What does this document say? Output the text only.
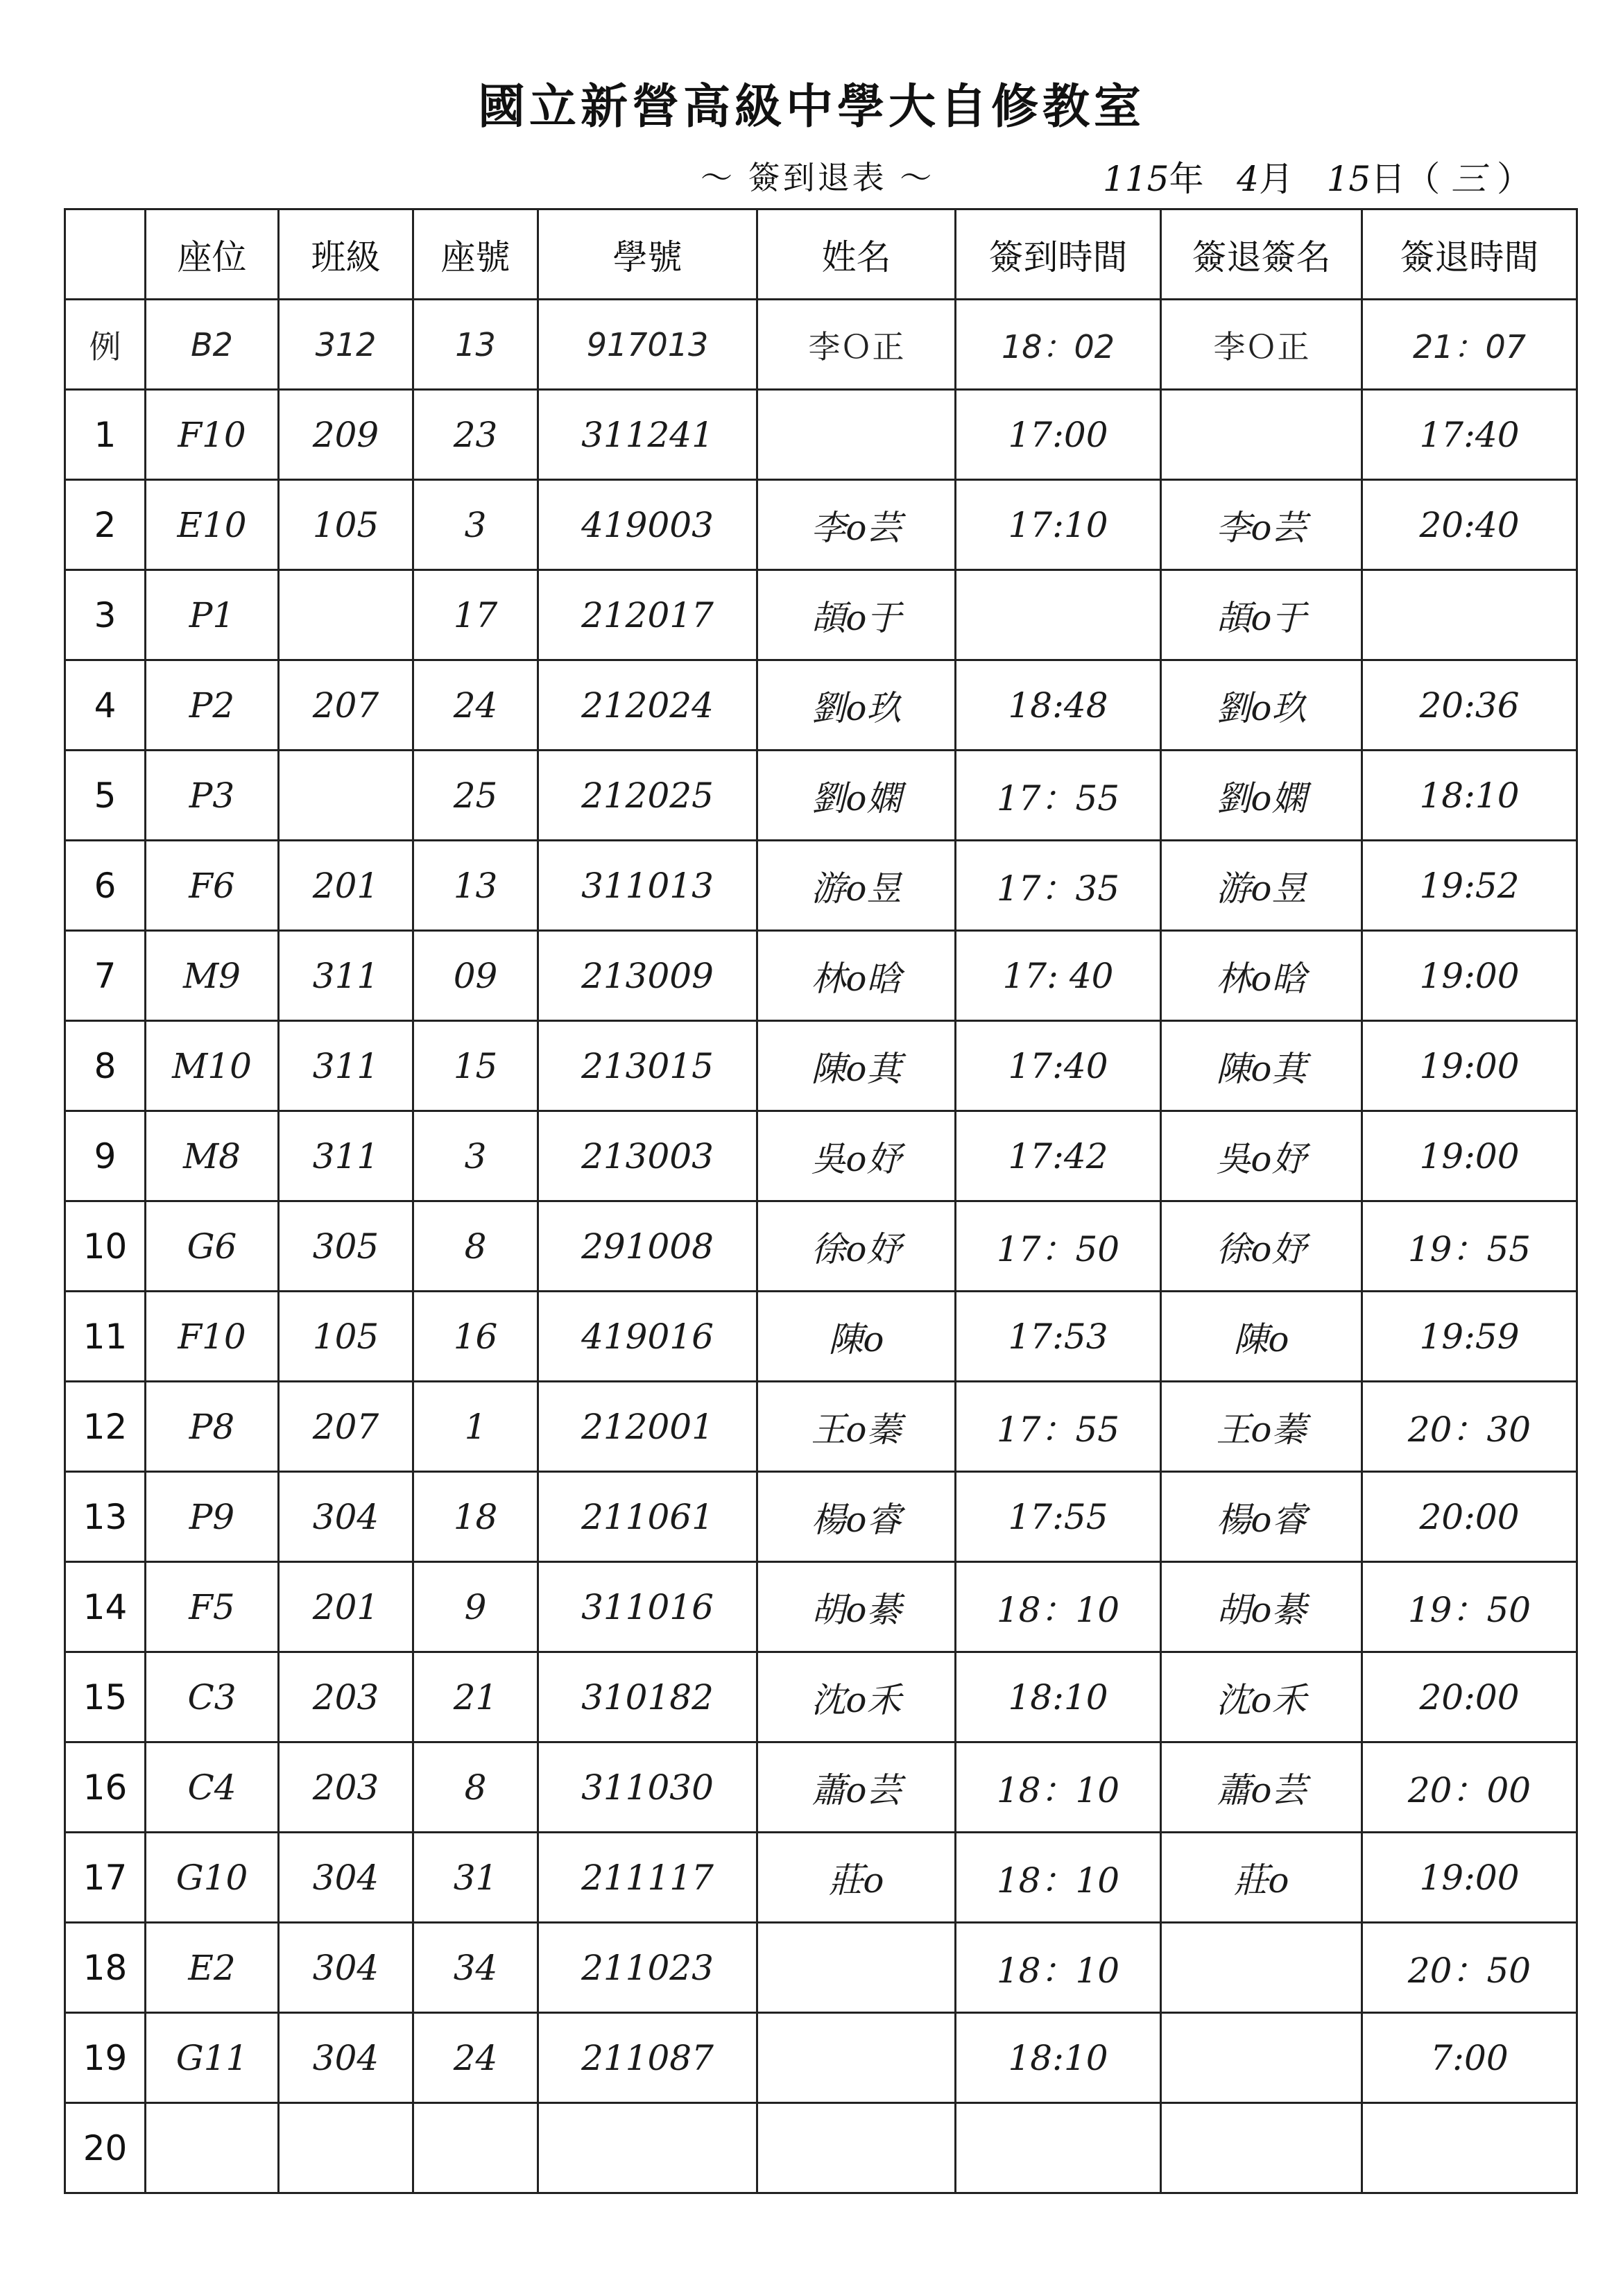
國立新營高級中學大自修教室
～ 簽到退表 ～	115年 4月 15日（ 三 ）
	座位	班級	座號	學號	姓名	簽到時間	簽退簽名	簽退時間
例	B2	312	13	917013	李Ｏ正	18：02	李Ｏ正	21：07
1	F10	209	23	311241		17:00		17:40
2	E10	105	3	419003	李o芸	17:10	李o芸	20:40
3	P1		17	212017	頡o于		頡o于	
4	P2	207	24	212024	劉o玖	18:48	劉o玖	20:36
5	P3		25	212025	劉o嫻	17：55	劉o嫻	18:10
6	F6	201	13	311013	游o昱	17：35	游o昱	19:52
7	M9	311	09	213009	林o晗	17: 40	林o晗	19:00
8	M10	311	15	213015	陳o萁	17:40	陳o萁	19:00
9	M8	311	3	213003	吳o妤	17:42	吳o妤	19:00
10	G6	305	8	291008	徐o妤	17：50	徐o妤	19：55
11	F10	105	16	419016	陳o	17:53	陳o	19:59
12	P8	207	1	212001	王o蓁	17：55	王o蓁	20：30
13	P9	304	18	211061	楊o睿	17:55	楊o睿	20:00
14	F5	201	9	311016	胡o綦	18：10	胡o綦	19：50
15	C3	203	21	310182	沈o禾	18:10	沈o禾	20:00
16	C4	203	8	311030	蕭o芸	18：10	蕭o芸	20：00
17	G10	304	31	211117	莊o	18：10	莊o	19:00
18	E2	304	34	211023		18：10		20：50
19	G11	304	24	211087		18:10		7:00
20								
